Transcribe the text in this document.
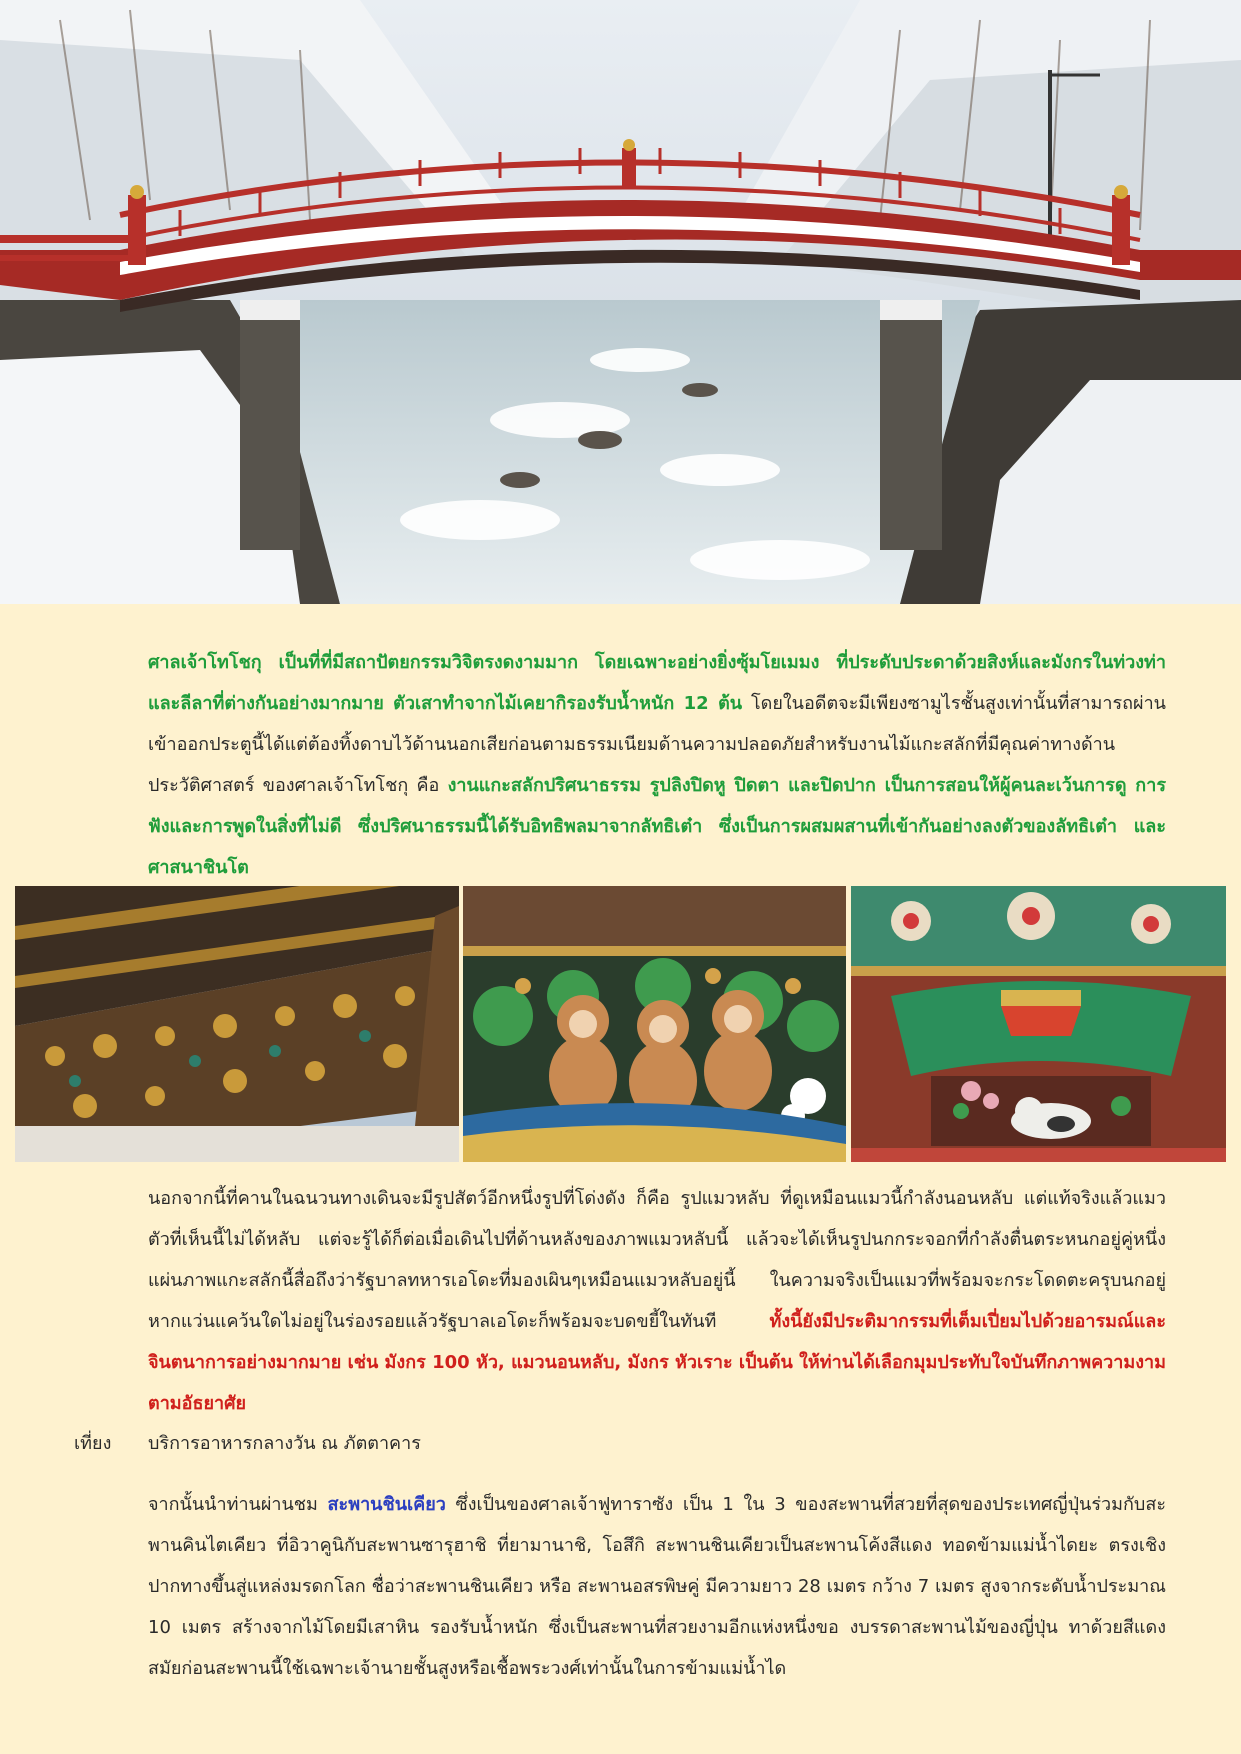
ศาลเจ้าโทโชกุ เป็นที่ที่มีสถาปัตยกรรมวิจิตรงดงามมาก โดยเฉพาะอย่างยิ่งซุ้มโยเมมง ที่ประดับประดาด้วยสิงห์และมังกรในท่วงท่าและลีลาที่ต่างกันอย่างมากมาย ตัวเสาทำจากไม้เคยากิรองรับน้ำหนัก 12 ต้น โดยในอดีตจะมีเพียงซามูไรชั้นสูงเท่านั้นที่สามารถผ่านเข้าออกประตูนี้ได้แต่ต้องทิ้งดาบไว้ด้านนอกเสียก่อนตามธรรมเนียมด้านความปลอดภัยสำหรับงานไม้แกะสลักที่มีคุณค่าทางด้านประวัติศาสตร์ ของศาลเจ้าโทโชกุ คือ งานแกะสลักปริศนาธรรม รูปลิงปิดหู ปิดตา และปิดปาก เป็นการสอนให้ผู้คนละเว้นการดู การฟังและการพูดในสิ่งที่ไม่ดี ซึ่งปริศนาธรรมนี้ได้รับอิทธิพลมาจากลัทธิเต๋า ซึ่งเป็นการผสมผสานที่เข้ากันอย่างลงตัวของลัทธิเต๋า และศาสนาชินโต

นอกจากนี้ที่คานในฉนวนทางเดินจะมีรูปสัตว์อีกหนึ่งรูปที่โด่งดัง ก็คือ รูปแมวหลับ ที่ดูเหมือนแมวนี้กำลังนอนหลับ แต่แท้จริงแล้วแมวตัวที่เห็นนี้ไม่ได้หลับ แต่จะรู้ได้ก็ต่อเมื่อเดินไปที่ด้านหลังของภาพแมวหลับนี้ แล้วจะได้เห็นรูปนกกระจอกที่กำลังตื่นตระหนกอยู่คู่หนึ่ง แผ่นภาพแกะสลักนี้สื่อถึงว่ารัฐบาลทหารเอโดะที่มองเผินๆเหมือนแมวหลับอยู่นี้ ในความจริงเป็นแมวที่พร้อมจะกระโดดตะครุบนกอยู่หากแว่นแคว้นใดไม่อยู่ในร่องรอยแล้วรัฐบาลเอโดะก็พร้อมจะบดขยี้ในทันที ทั้งนี้ยังมีประติมากรรมที่เต็มเปี่ยมไปด้วยอารมณ์และจินตนาการอย่างมากมาย เช่น มังกร 100 หัว, แมวนอนหลับ, มังกร หัวเราะ เป็นต้น ให้ท่านได้เลือกมุมประทับใจบันทึกภาพความงามตามอัธยาศัย

เที่ยง บริการอาหารกลางวัน ณ ภัตตาคาร

จากนั้นนำท่านผ่านชม สะพานชินเคียว ซึ่งเป็นของศาลเจ้าฟูทาราซัง เป็น 1 ใน 3 ของสะพานที่สวยที่สุดของประเทศญี่ปุ่นร่วมกับสะพานคินไตเคียว ที่อิวาคูนิกับสะพานซารุฮาชิ ที่ยามานาชิ, โอสึกิ สะพานชินเคียวเป็นสะพานโค้งสีแดง ทอดข้ามแม่น้ำไดยะ ตรงเชิงปากทางขึ้นสู่แหล่งมรดกโลก ชื่อว่าสะพานชินเคียว หรือ สะพานอสรพิษคู่ มีความยาว 28 เมตร กว้าง 7 เมตร สูงจากระดับน้ำประมาณ 10 เมตร สร้างจากไม้โดยมีเสาหิน รองรับน้ำหนัก ซึ่งเป็นสะพานที่สวยงามอีกแห่งหนึ่งขอ งบรรดาสะพานไม้ของญี่ปุ่น ทาด้วยสีแดงสมัยก่อนสะพานนี้ใช้เฉพาะเจ้านายชั้นสูงหรือเชื้อพระวงศ์เท่านั้นในการข้ามแม่น้ำได
